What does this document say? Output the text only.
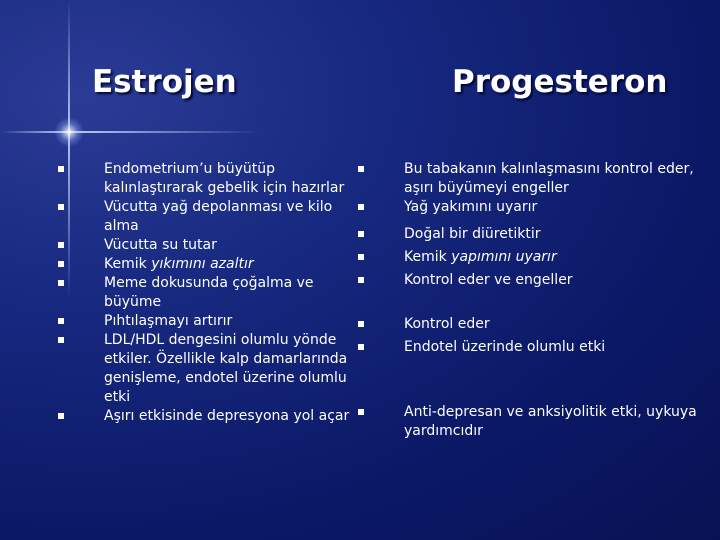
Estrojen	Progesteron
Endometrium’u büyütüp kalınlaştırarak gebelik için hazırlar
Vücutta yağ depolanması ve kilo alma
Vücutta su tutar
Kemik yıkımını azaltır
Meme dokusunda çoğalma ve büyüme
Pıhtılaşmayı artırır
LDL/HDL dengesini olumlu yönde etkiler. Özellikle kalp damarlarında genişleme, endotel üzerine olumlu etki
Aşırı etkisinde depresyona yol açar
Bu tabakanın kalınlaşmasını kontrol eder, aşırı büyümeyi engeller
Yağ yakımını uyarır
Doğal bir diüretiktir
Kemik yapımını uyarır
Kontrol eder ve engeller
Kontrol eder
Endotel üzerinde olumlu etki
Anti-depresan ve anksiyolitik etki, uykuya yardımcıdır
